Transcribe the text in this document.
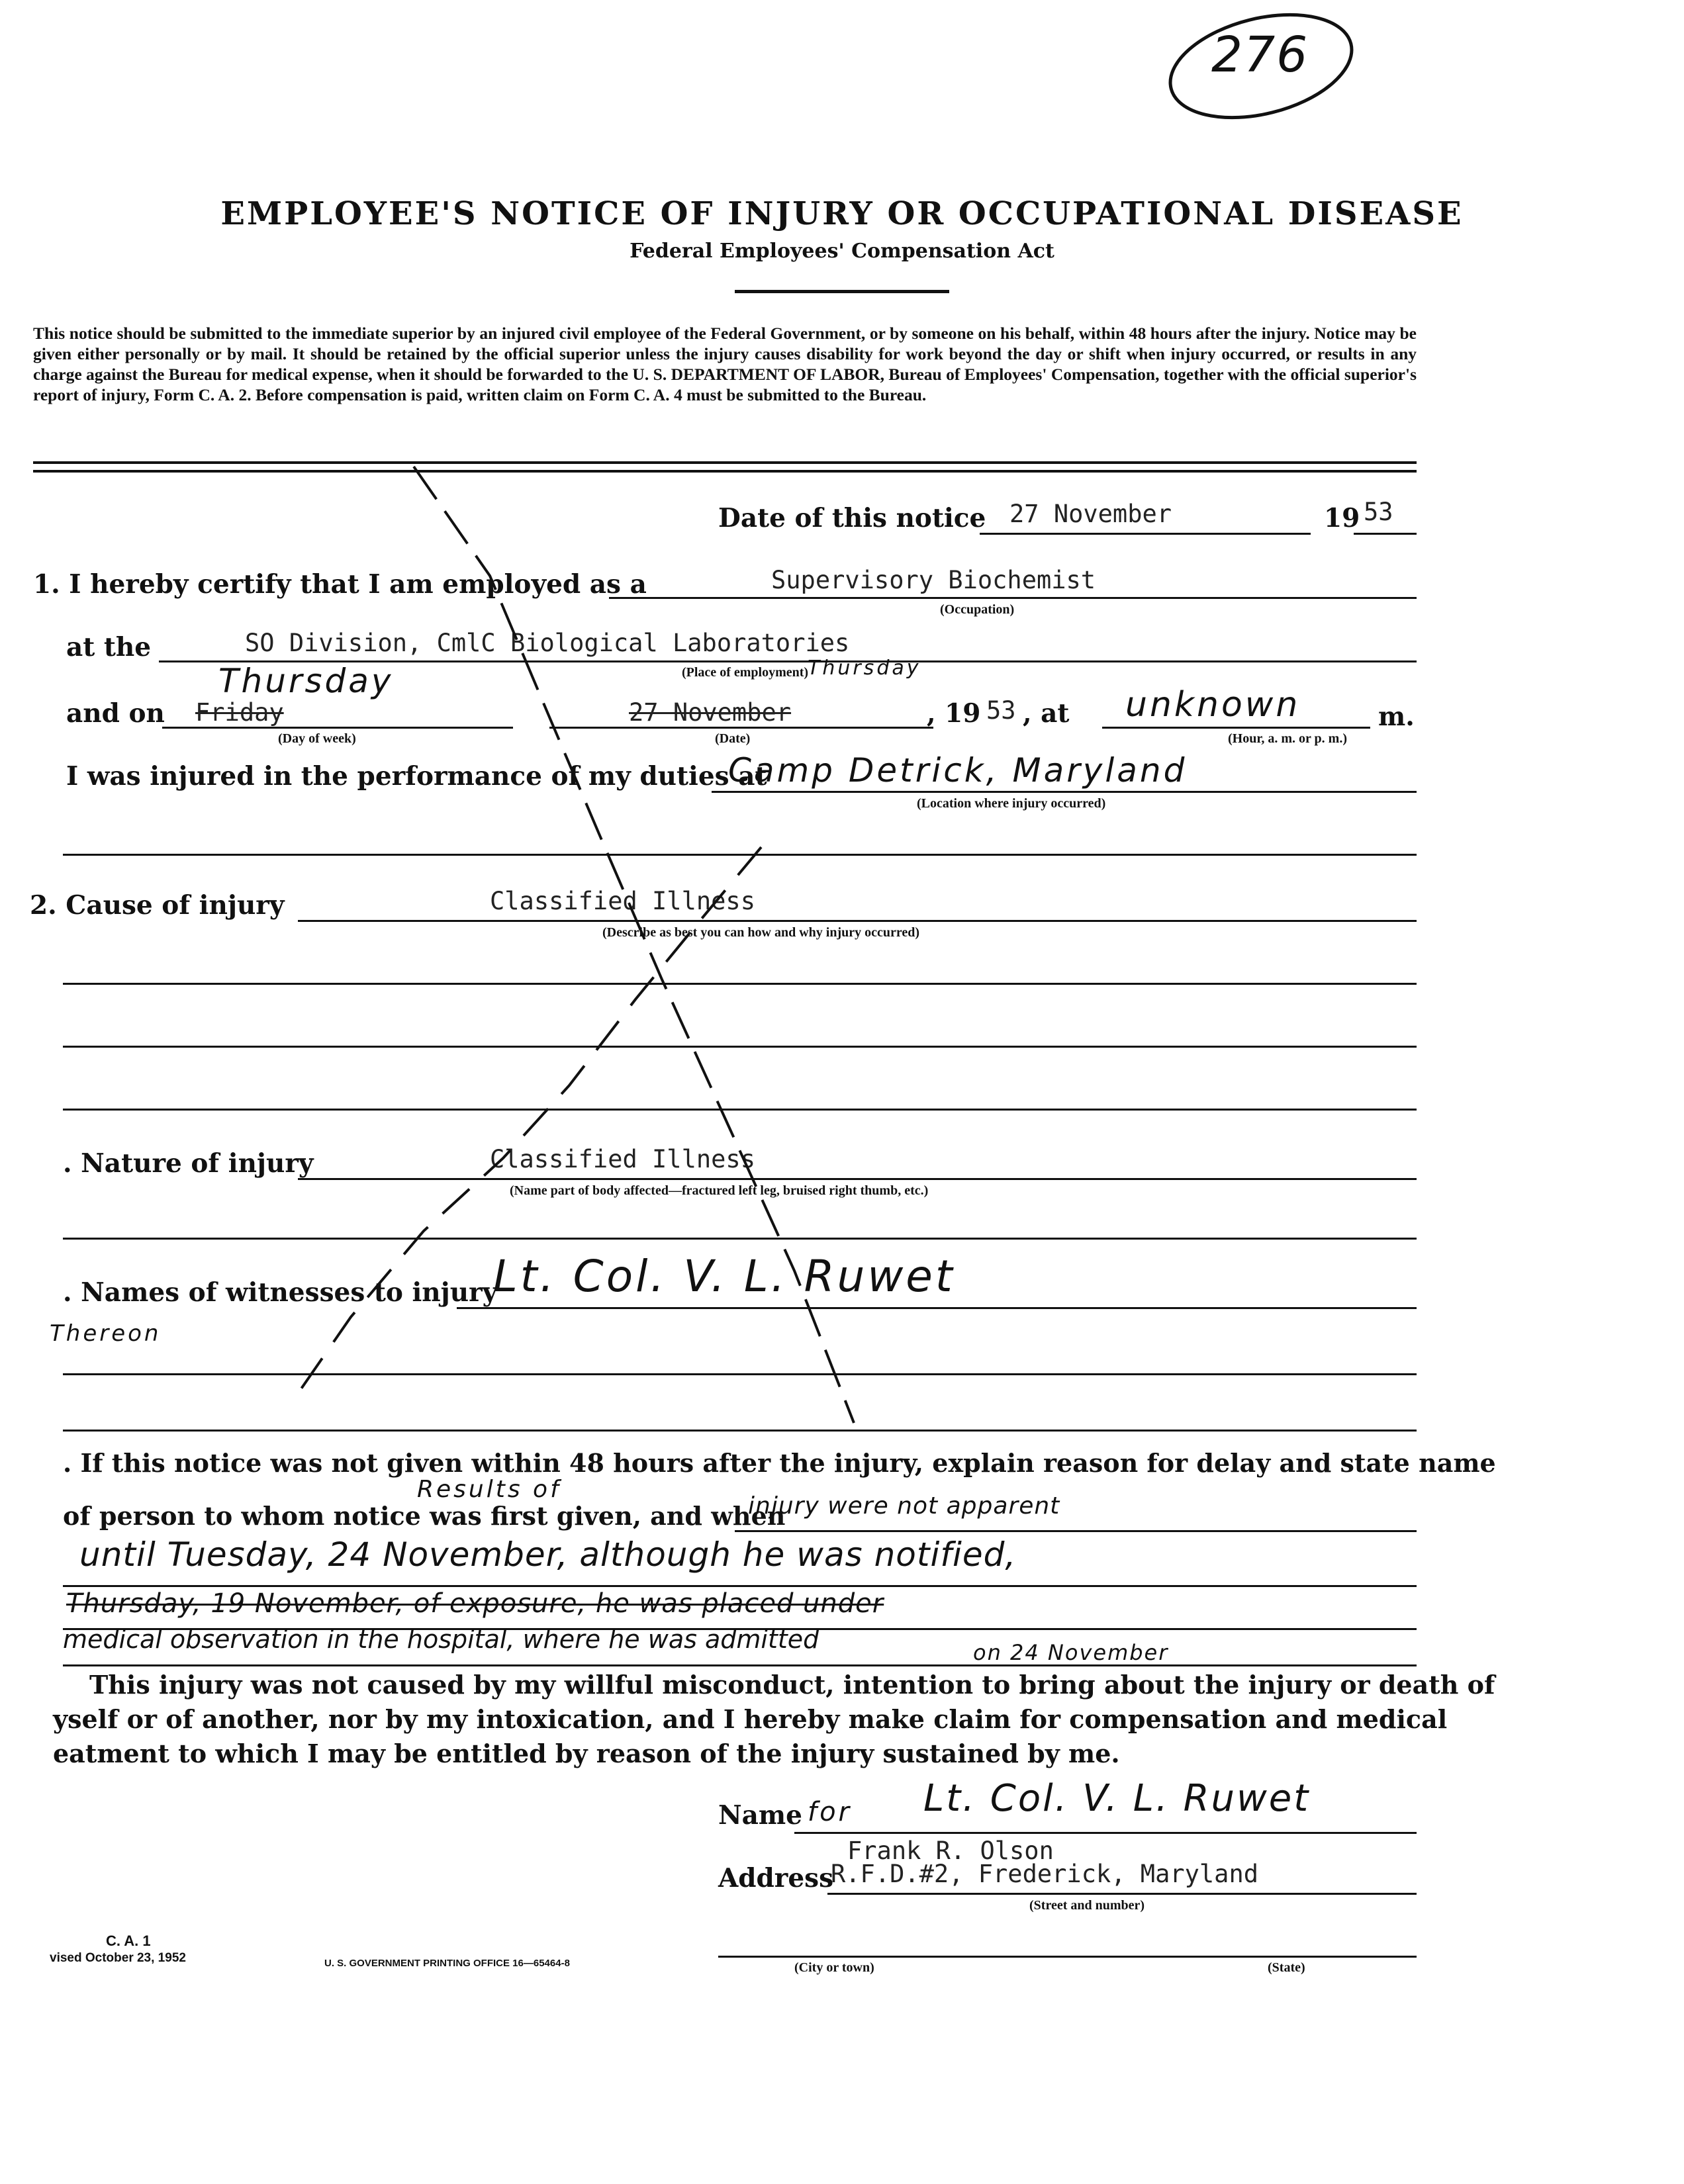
276
EMPLOYEE'S NOTICE OF INJURY OR OCCUPATIONAL DISEASE
Federal Employees' Compensation Act
This notice should be submitted to the immediate superior by an injured civil employee of the Federal Government, or by someone on his behalf, within 48 hours after the injury. Notice may be given either personally or by mail. It should be retained by the official superior unless the injury causes disability for work beyond the day or shift when injury occurred, or results in any charge against the Bureau for medical expense, when it should be forwarded to the U. S. DEPARTMENT OF LABOR, Bureau of Employees' Compensation, together with the official superior's report of injury, Form C. A. 2. Before compensation is paid, written claim on Form C. A. 4 must be submitted to the Bureau.
Date of this notice 27 November	19 53
1. I hereby certify that I am employed as a	Supervisory Biochemist
(Occupation)
at the	SO Division, CmlC Biological Laboratories
(Place of employment)
Thursday
and on Friday
Thursday
(Day of week)
27 November
(Date)
, 19 53 , at unknown
(Hour, a. m. or p. m.)
m.
I was injured in the performance of my duties at
Camp Detrick, Maryland
(Location where injury occurred)
2. Cause of injury	Classified Illness
(Describe as best you can how and why injury occurred)
. Nature of injury	Classified Illness
(Name part of body affected—fractured left leg, bruised right thumb, etc.)
. Names of witnesses to injury
Lt. Col. V. L. Ruwet
Thereon
. If this notice was not given within 48 hours after the injury, explain reason for delay and state name
Results of
of person to whom notice was first given, and when
injury were not apparent
until Tuesday, 24 November, although he was notified,
Thursday, 19 November, of exposure, he was placed under
medical observation in the hospital, where he was admitted	on 24 November
This injury was not caused by my willful misconduct, intention to bring about the injury or death of
yself or of another, nor by my intoxication, and I hereby make claim for compensation and medical
eatment to which I may be entitled by reason of the injury sustained by me.
Name for Lt. Col. V. L. Ruwet
Frank R. Olson
Address
R.F.D.#2, Frederick, Maryland
(Street and number)
(City or town)	(State)
C. A. 1
vised October 23, 1952	U. S. GOVERNMENT PRINTING OFFICE 16—65464-8
